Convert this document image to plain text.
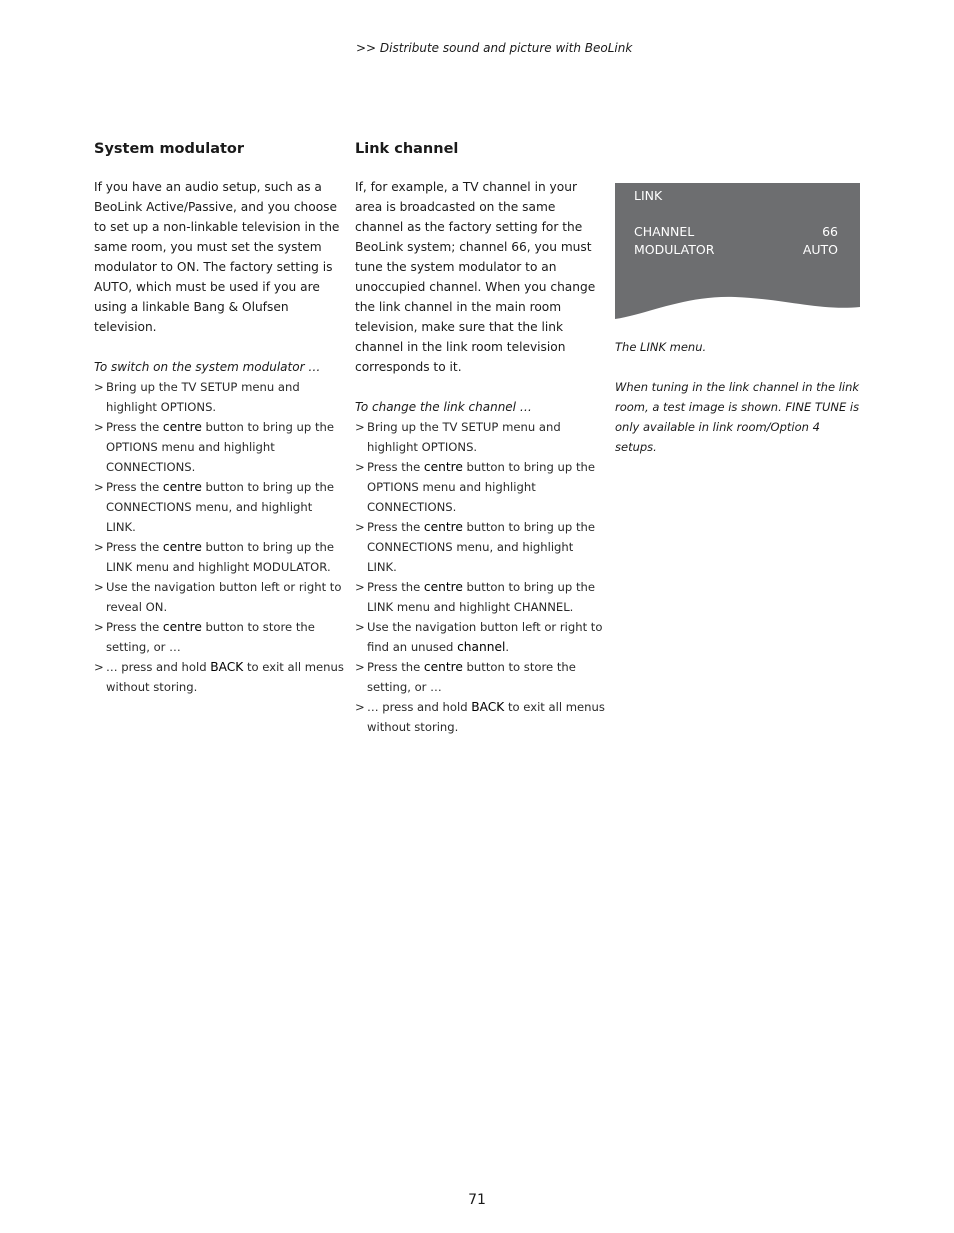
>> Distribute sound and picture with BeoLink
System modulator

If you have an audio setup, such as a BeoLink Active/Passive, and you choose to set up a non-linkable television in the same room, you must set the system modulator to ON. The factory setting is AUTO, which must be used if you are using a linkable Bang & Olufsen television.

To switch on the system modulator …

> Bring up the TV SETUP menu and highlight OPTIONS.
> Press the centre button to bring up the OPTIONS menu and highlight CONNECTIONS.
> Press the centre button to bring up the CONNECTIONS menu, and highlight LINK.
> Press the centre button to bring up the LINK menu and highlight MODULATOR.
> Use the navigation button left or right to reveal ON.
> Press the centre button to store the setting, or …
> … press and hold BACK to exit all menus without storing.
Link channel

If, for example, a TV channel in your area is broadcasted on the same channel as the factory setting for the BeoLink system; channel 66, you must tune the system modulator to an unoccupied channel. When you change the link channel in the main room television, make sure that the link channel in the link room television corresponds to it.

To change the link channel …

> Bring up the TV SETUP menu and highlight OPTIONS.
> Press the centre button to bring up the OPTIONS menu and highlight CONNECTIONS.
> Press the centre button to bring up the CONNECTIONS menu, and highlight LINK.
> Press the centre button to bring up the LINK menu and highlight CHANNEL.
> Use the navigation button left or right to find an unused channel.
> Press the centre button to store the setting, or …
> … press and hold BACK to exit all menus without storing.
LINK
CHANNEL	66
MODULATOR	AUTO
The LINK menu.
When tuning in the link channel in the link room, a test image is shown. FINE TUNE is only available in link room/Option 4 setups.
71
